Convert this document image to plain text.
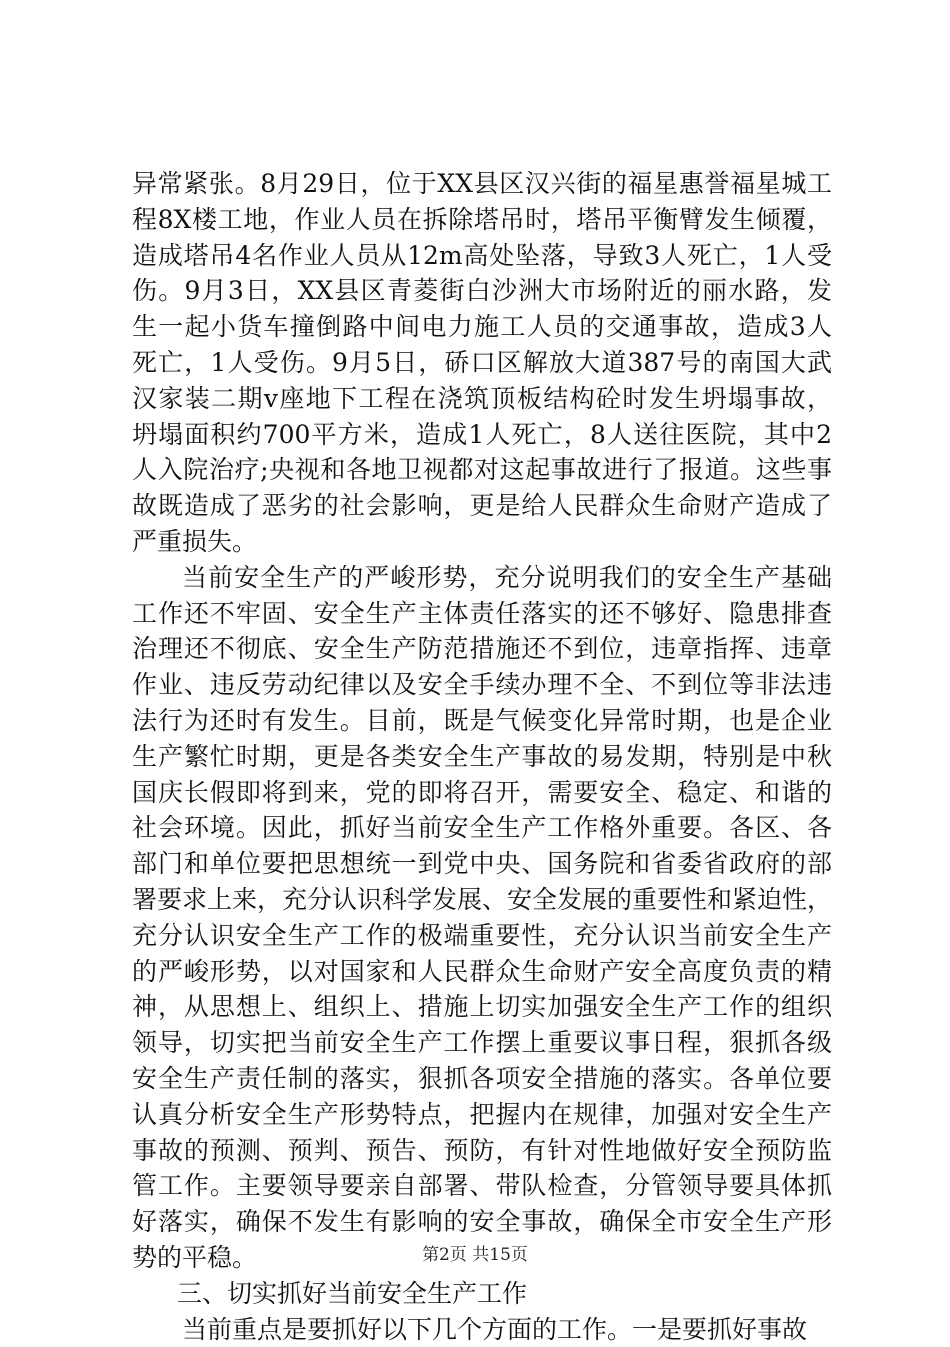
异常紧张。8月29日，位于XX县区汉兴街的福星惠誉福星城工
程8X楼工地，作业人员在拆除塔吊时，塔吊平衡臂发生倾覆，
造成塔吊4名作业人员从12m高处坠落，导致3人死亡，1人受
伤。9月3日，XX县区青菱街白沙洲大市场附近的丽水路，发
生一起小货车撞倒路中间电力施工人员的交通事故，造成3人
死亡，1人受伤。9月5日，硚口区解放大道387号的南国大武
汉家装二期v座地下工程在浇筑顶板结构砼时发生坍塌事故，
坍塌面积约700平方米，造成1人死亡，8人送往医院，其中2
人入院治疗;央视和各地卫视都对这起事故进行了报道。这些事
故既造成了恶劣的社会影响，更是给人民群众生命财产造成了
严重损失。
当前安全生产的严峻形势，充分说明我们的安全生产基础
工作还不牢固、安全生产主体责任落实的还不够好、隐患排查
治理还不彻底、安全生产防范措施还不到位，违章指挥、违章
作业、违反劳动纪律以及安全手续办理不全、不到位等非法违
法行为还时有发生。目前，既是气候变化异常时期，也是企业
生产繁忙时期，更是各类安全生产事故的易发期，特别是中秋
国庆长假即将到来，党的即将召开，需要安全、稳定、和谐的
社会环境。因此，抓好当前安全生产工作格外重要。各区、各
部门和单位要把思想统一到党中央、国务院和省委省政府的部
署要求上来，充分认识科学发展、安全发展的重要性和紧迫性，
充分认识安全生产工作的极端重要性，充分认识当前安全生产
的严峻形势，以对国家和人民群众生命财产安全高度负责的精
神，从思想上、组织上、措施上切实加强安全生产工作的组织
领导，切实把当前安全生产工作摆上重要议事日程，狠抓各级
安全生产责任制的落实，狠抓各项安全措施的落实。各单位要
认真分析安全生产形势特点，把握内在规律，加强对安全生产
事故的预测、预判、预告、预防，有针对性地做好安全预防监
管工作。主要领导要亲自部署、带队检查，分管领导要具体抓
好落实，确保不发生有影响的安全事故，确保全市安全生产形
势的平稳。
三、切实抓好当前安全生产工作
当前重点是要抓好以下几个方面的工作。一是要抓好事故
第2页 共15页
